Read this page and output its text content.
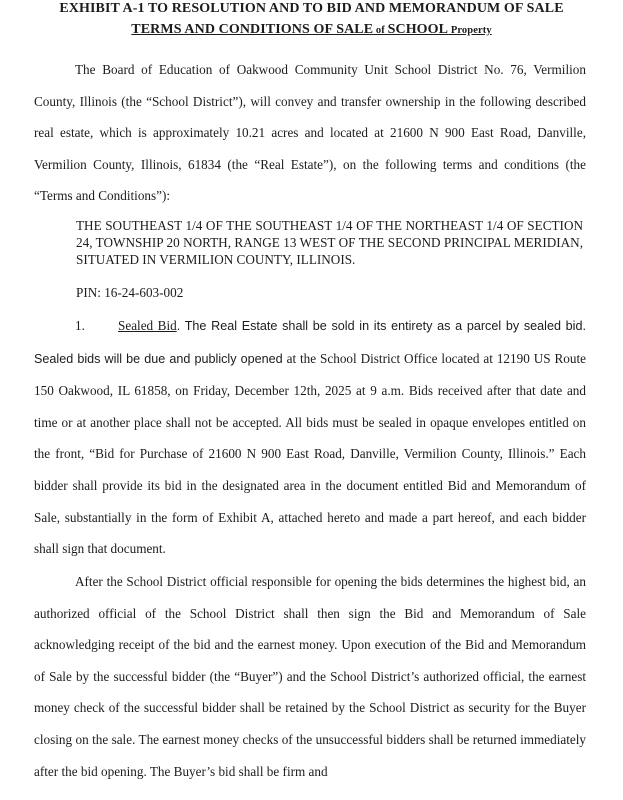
EXHIBIT A-1 TO RESOLUTION AND TO BID AND MEMORANDUM OF SALE
TERMS AND CONDITIONS OF SALE of SCHOOL Property

The Board of Education of Oakwood Community Unit School District No. 76, Vermilion County, Illinois (the “School District”), will convey and transfer ownership in the following described real estate, which is approximately 10.21 acres and located at 21600 N 900 East Road, Danville, Vermilion County, Illinois, 61834 (the “Real Estate”), on the following terms and conditions (the “Terms and Conditions”):

THE SOUTHEAST 1/4 OF THE SOUTHEAST 1/4 OF THE NORTHEAST 1/4 OF SECTION 24, TOWNSHIP 20 NORTH, RANGE 13 WEST OF THE SECOND PRINCIPAL MERIDIAN, SITUATED IN VERMILION COUNTY, ILLINOIS.

PIN: 16-24-603-002

1.	Sealed Bid. The Real Estate shall be sold in its entirety as a parcel by sealed bid. Sealed bids will be due and publicly opened at the School District Office located at 12190 US Route 150 Oakwood, IL 61858, on Friday, December 12th, 2025 at 9 a.m. Bids received after that date and time or at another place shall not be accepted. All bids must be sealed in opaque envelopes entitled on the front, “Bid for Purchase of 21600 N 900 East Road, Danville, Vermilion County, Illinois.” Each bidder shall provide its bid in the designated area in the document entitled Bid and Memorandum of Sale, substantially in the form of Exhibit A, attached hereto and made a part hereof, and each bidder shall sign that document.

After the School District official responsible for opening the bids determines the highest bid, an authorized official of the School District shall then sign the Bid and Memorandum of Sale acknowledging receipt of the bid and the earnest money. Upon execution of the Bid and Memorandum of Sale by the successful bidder (the “Buyer”) and the School District’s authorized official, the earnest money check of the successful bidder shall be retained by the School District as security for the Buyer closing on the sale. The earnest money checks of the unsuccessful bidders shall be returned immediately after the bid opening. The Buyer’s bid shall be firm and
